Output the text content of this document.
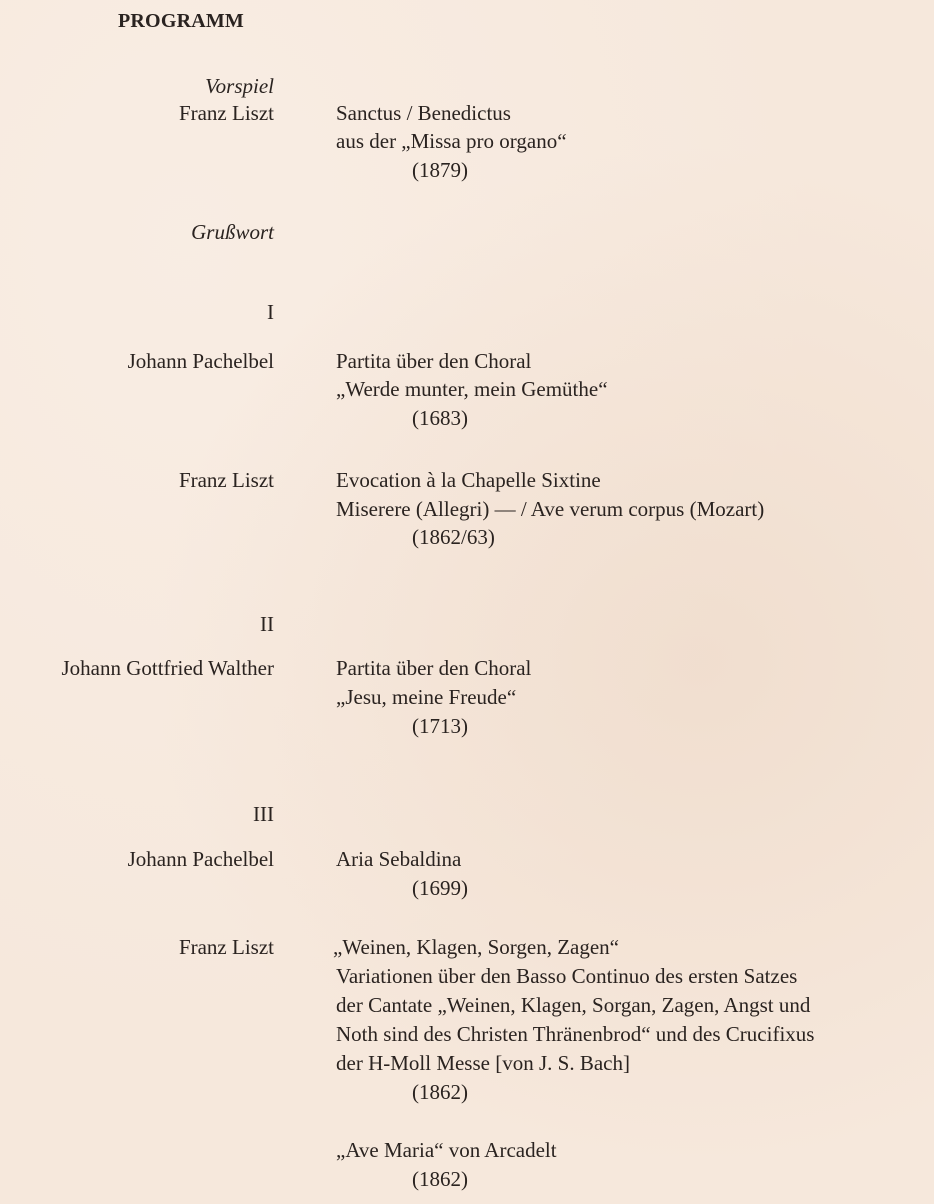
PROGRAMM
Vorspiel
Franz Liszt	Sanctus / Benedictus
aus der „Missa pro organo“
(1879)
Grußwort
I
Johann Pachelbel	Partita über den Choral
„Werde munter, mein Gemüthe“
(1683)
Franz Liszt	Evocation à la Chapelle Sixtine
Miserere (Allegri) — / Ave verum corpus (Mozart)
(1862/63)
II
Johann Gottfried Walther	Partita über den Choral
„Jesu, meine Freude“
(1713)
III
Johann Pachelbel	Aria Sebaldina
(1699)
Franz Liszt	„Weinen, Klagen, Sorgen, Zagen“
Variationen über den Basso Continuo des ersten Satzes
der Cantate „Weinen, Klagen, Sorgan, Zagen, Angst und
Noth sind des Christen Thränenbrod“ und des Crucifixus
der H-Moll Messe [von J. S. Bach]
(1862)
„Ave Maria“ von Arcadelt
(1862)
